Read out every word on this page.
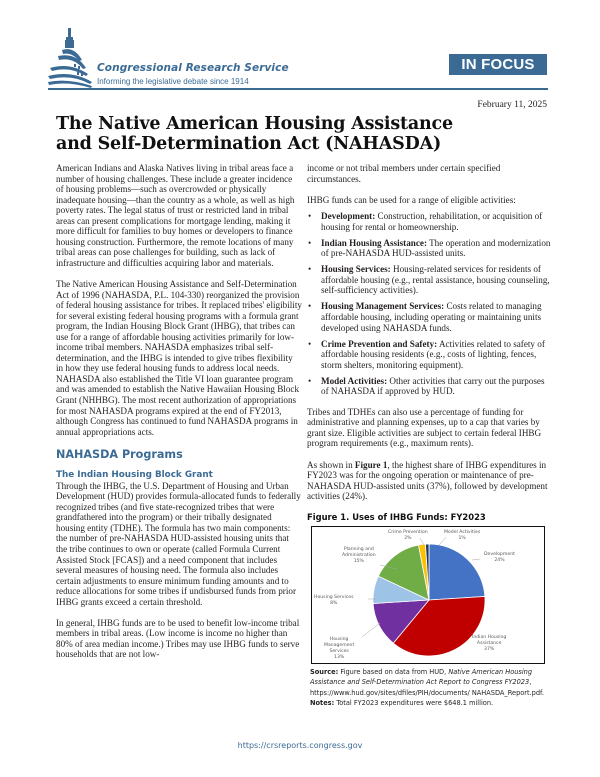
Congressional Research Service
Informing the legislative debate since 1914
IN FOCUS
February 11, 2025
The Native American Housing Assistance and Self-Determination Act (NAHASDA)

American Indians and Alaska Natives living in tribal areas face a number of housing challenges. These include a greater incidence of housing problems—such as overcrowded or physically inadequate housing—than the country as a whole, as well as high poverty rates. The legal status of trust or restricted land in tribal areas can present complications for mortgage lending, making it more difficult for families to buy homes or developers to finance housing construction. Furthermore, the remote locations of many tribal areas can pose challenges for building, such as lack of infrastructure and difficulties acquiring labor and materials.

The Native American Housing Assistance and Self-Determination Act of 1996 (NAHASDA, P.L. 104-330) reorganized the provision of federal housing assistance for tribes. It replaced tribes' eligibility for several existing federal housing programs with a formula grant program, the Indian Housing Block Grant (IHBG), that tribes can use for a range of affordable housing activities primarily for low-income tribal members. NAHASDA emphasizes tribal self-determination, and the IHBG is intended to give tribes flexibility in how they use federal housing funds to address local needs. NAHASDA also established the Title VI loan guarantee program and was amended to establish the Native Hawaiian Housing Block Grant (NHHBG). The most recent authorization of appropriations for most NAHASDA programs expired at the end of FY2013, although Congress has continued to fund NAHASDA programs in annual appropriations acts.

NAHASDA Programs
The Indian Housing Block Grant

Through the IHBG, the U.S. Department of Housing and Urban Development (HUD) provides formula-allocated funds to federally recognized tribes (and five state-recognized tribes that were grandfathered into the program) or their tribally designated housing entity (TDHE). The formula has two main components: the number of pre-NAHASDA HUD-assisted housing units that the tribe continues to own or operate (called Formula Current Assisted Stock [FCAS]) and a need component that includes several measures of housing need. The formula also includes certain adjustments to ensure minimum funding amounts and to reduce allocations for some tribes if undisbursed funds from prior IHBG grants exceed a certain threshold.

In general, IHBG funds are to be used to benefit low-income tribal members in tribal areas. (Low income is income no higher than 80% of area median income.) Tribes may use IHBG funds to serve households that are not low-

income or not tribal members under certain specified circumstances.

IHBG funds can be used for a range of eligible activities:

• Development: Construction, rehabilitation, or acquisition of housing for rental or homeownership.
• Indian Housing Assistance: The operation and modernization of pre-NAHASDA HUD-assisted units.
• Housing Services: Housing-related services for residents of affordable housing (e.g., rental assistance, housing counseling, self-sufficiency activities).
• Housing Management Services: Costs related to managing affordable housing, including operating or maintaining units developed using NAHASDA funds.
• Crime Prevention and Safety: Activities related to safety of affordable housing residents (e.g., costs of lighting, fences, storm shelters, monitoring equipment).
• Model Activities: Other activities that carry out the purposes of NAHASDA if approved by HUD.

Tribes and TDHEs can also use a percentage of funding for administrative and planning expenses, up to a cap that varies by grant size. Eligible activities are subject to certain federal IHBG program requirements (e.g., maximum rents).

As shown in Figure 1, the highest share of IHBG expenditures in FY2023 was for the ongoing operation or maintenance of pre-NAHASDA HUD-assisted units (37%), followed by development activities (24%).

Figure 1. Uses of IHBG Funds: FY2023
Development
24%
Indian Housing
Assistance
37%
Housing
Management
Services
13%
Housing Services
8%
Planning and
Administration
15%
Crime Prevention
2%
Model Activities
1%
Source: Figure based on data from HUD, Native American Housing Assistance and Self-Determination Act Report to Congress FY2023, https://www.hud.gov/sites/dfiles/PIH/documents/ NAHASDA_Report.pdf.
Notes: Total FY2023 expenditures were $648.1 million.
https://crsreports.congress.gov
